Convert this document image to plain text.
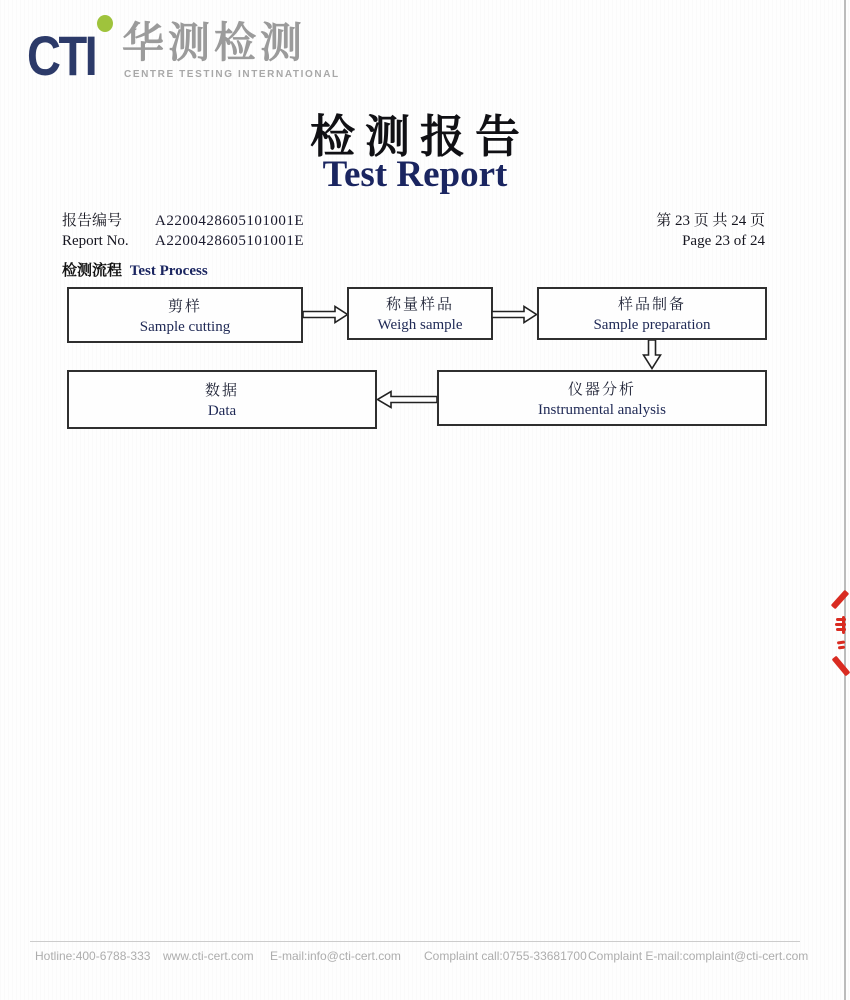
CTI 华测检测
CENTRE TESTING INTERNATIONAL
检测报告
Test Report
报告编号
Report No.
A2200428605101001E
A2200428605101001E
第 23 页 共 24 页
Page 23 of 24
检测流程 Test Process
剪样
Sample cutting
称量样品
Weigh sample
样品制备
Sample preparation
数据
Data
仪器分析
Instrumental analysis
Hotline:400-6788-333 www.cti-cert.com E-mail:info@cti-cert.com Complaint call:0755-33681700 Complaint E-mail:complaint@cti-cert.com
